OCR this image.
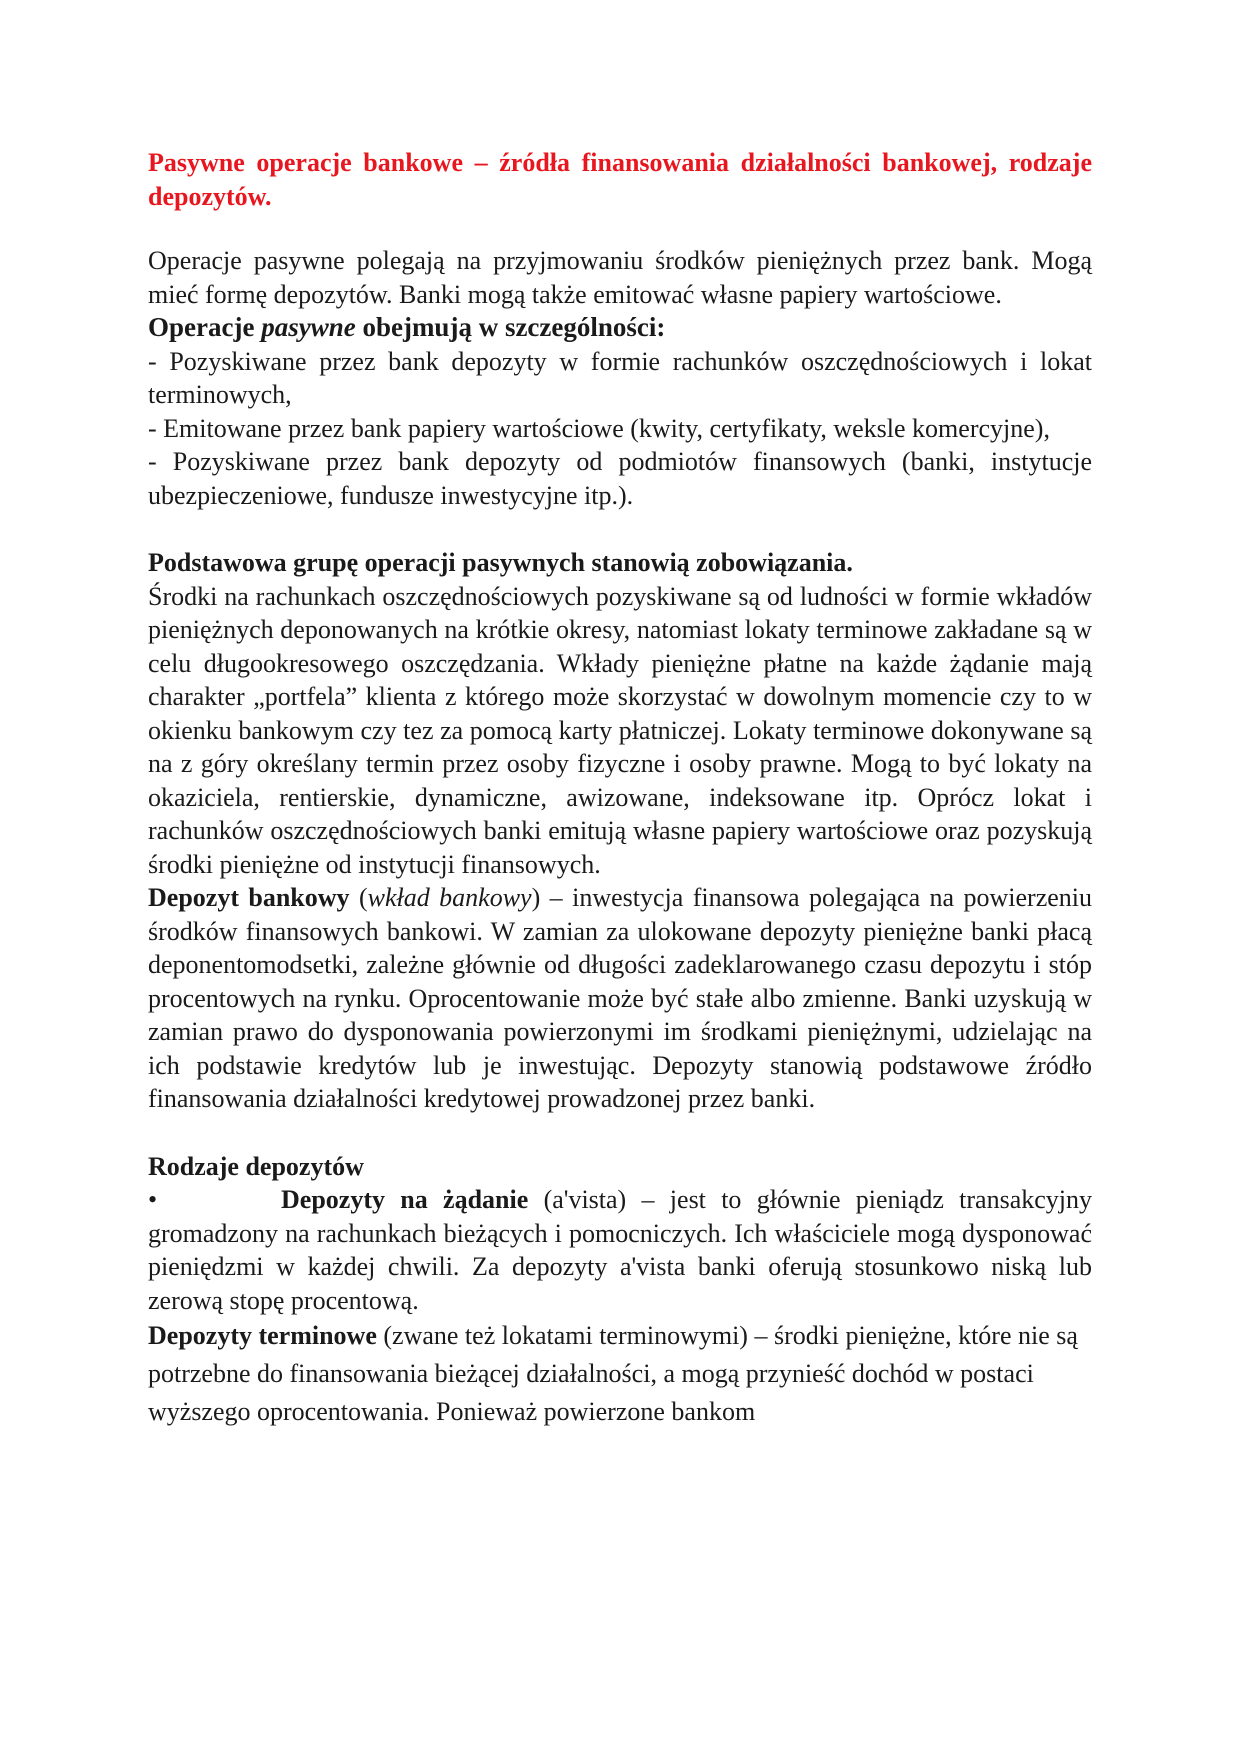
Pasywne operacje bankowe – źródła finansowania działalności bankowej, rodzaje depozytów.

Operacje pasywne polegają na przyjmowaniu środków pieniężnych przez bank. Mogą mieć formę depozytów. Banki mogą także emitować własne papiery wartościowe.

Operacje pasywne obejmują w szczególności:

- Pozyskiwane przez bank depozyty w formie rachunków oszczędnościowych i lokat terminowych,

- Emitowane przez bank papiery wartościowe (kwity, certyfikaty, weksle komercyjne),

- Pozyskiwane przez bank depozyty od podmiotów finansowych (banki, instytucje ubezpieczeniowe, fundusze inwestycyjne itp.).

Podstawowa grupę operacji pasywnych stanowią zobowiązania.

Środki na rachunkach oszczędnościowych pozyskiwane są od ludności w formie wkładów pieniężnych deponowanych na krótkie okresy, natomiast lokaty terminowe zakładane są w celu długookresowego oszczędzania. Wkłady pieniężne płatne na każde żądanie mają charakter „portfela” klienta z którego może skorzystać w dowolnym momencie czy to w okienku bankowym czy tez za pomocą karty płatniczej. Lokaty terminowe dokonywane są na z góry określany termin przez osoby fizyczne i osoby prawne. Mogą to być lokaty na okaziciela, rentierskie, dynamiczne, awizowane, indeksowane itp. Oprócz lokat i rachunków oszczędnościowych banki emitują własne papiery wartościowe oraz pozyskują środki pieniężne od instytucji finansowych.

Depozyt bankowy (wkład bankowy) – inwestycja finansowa polegająca na powierzeniu środków finansowych bankowi. W zamian za ulokowane depozyty pieniężne banki płacą deponentomodsetki, zależne głównie od długości zadeklarowanego czasu depozytu i stóp procentowych na rynku. Oprocentowanie może być stałe albo zmienne. Banki uzyskują w zamian prawo do dysponowania powierzonymi im środkami pieniężnymi, udzielając na ich podstawie kredytów lub je inwestując. Depozyty stanowią podstawowe źródło finansowania działalności kredytowej prowadzonej przez banki.

Rodzaje depozytów

•	Depozyty na żądanie (a'vista) – jest to głównie pieniądz transakcyjny gromadzony na rachunkach bieżących i pomocniczych. Ich właściciele mogą dysponować pieniędzmi w każdej chwili. Za depozyty a'vista banki oferują stosunkowo niską lub zerową stopę procentową.

Depozyty terminowe (zwane też lokatami terminowymi) – środki pieniężne, które nie są potrzebne do finansowania bieżącej działalności, a mogą przynieść dochód w postaci wyższego oprocentowania. Ponieważ powierzone bankom
